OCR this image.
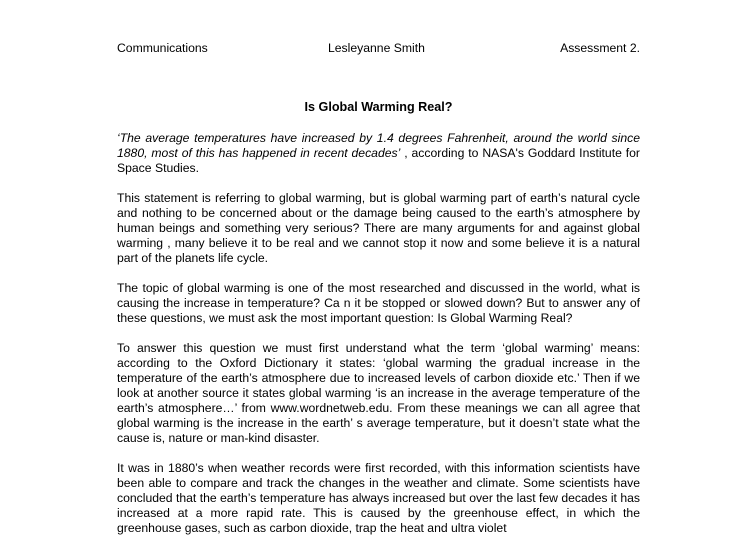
Communications	Lesleyanne Smith	Assessment 2.
Is Global Warming Real?

‘The average temperatures have increased by 1.4 degrees Fahrenheit, around the world since 1880, most of this has happened in recent decades’ , according to NASA's Goddard Institute for Space Studies.

This statement is referring to global warming, but is global warming part of earth’s natural cycle and nothing to be concerned about or the damage being caused to the earth’s atmosphere by human beings and something very serious? There are many arguments for and against global warming , many believe it to be real and we cannot stop it now and some believe it is a natural part of the planets life cycle.

The topic of global warming is one of the most researched and discussed in the world, what is causing the increase in temperature? Ca n it be stopped or slowed down? But to answer any of these questions, we must ask the most important question: Is Global Warming Real?

To answer this question we must first understand what the term ‘global warming’ means: according to the Oxford Dictionary it states: ‘global warming the gradual increase in the temperature of the earth’s atmosphere due to increased levels of carbon dioxide etc.’ Then if we look at another source it states global warming ‘is an increase in the average temperature of the earth’s atmosphere…’ from www.wordnetweb.edu. From these meanings we can all agree that global warming is the increase in the earth’ s average temperature, but it doesn’t state what the cause is, nature or man-kind disaster.

It was in 1880’s when weather records were first recorded, with this information scientists have been able to compare and track the changes in the weather and climate. Some scientists have concluded that the earth’s temperature has always increased but over the last few decades it has increased at a more rapid rate. This is caused by the greenhouse effect, in which the greenhouse gases, such as carbon dioxide, trap the heat and ultra violet
